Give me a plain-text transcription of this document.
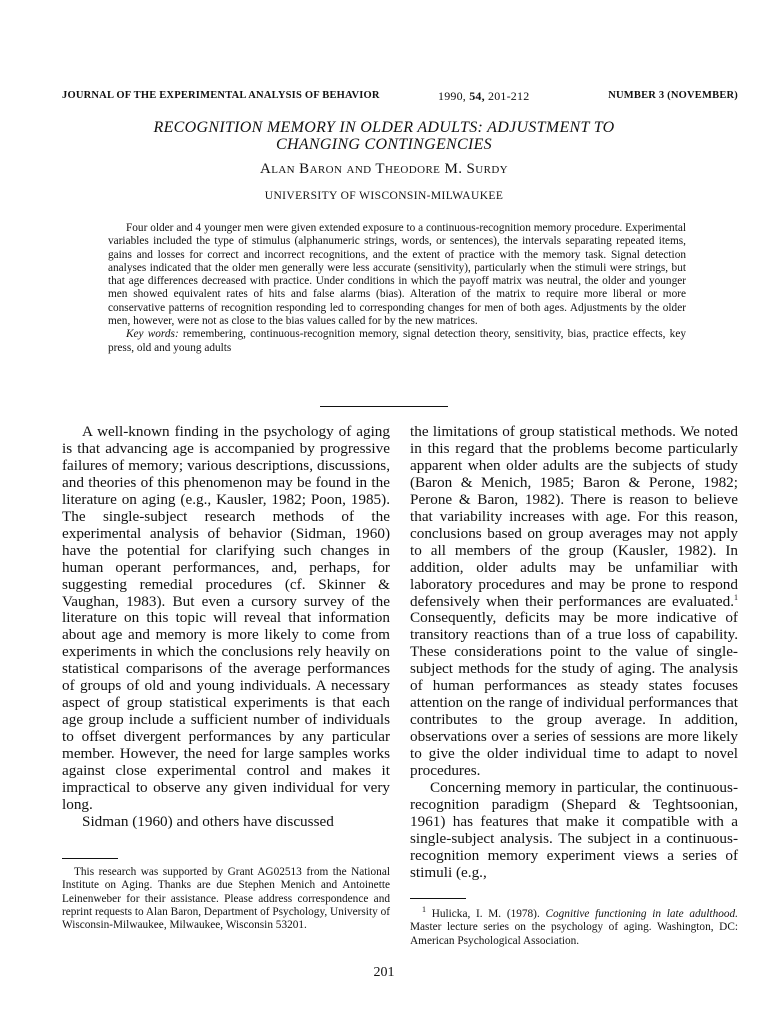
JOURNAL OF THE EXPERIMENTAL ANALYSIS OF BEHAVIOR	1990, 54, 201-212	NUMBER 3 (NOVEMBER)
RECOGNITION MEMORY IN OLDER ADULTS: ADJUSTMENT TO
CHANGING CONTINGENCIES
Alan Baron and Theodore M. Surdy
UNIVERSITY OF WISCONSIN-MILWAUKEE

Four older and 4 younger men were given extended exposure to a continuous-recognition memory procedure. Experimental variables included the type of stimulus (alphanumeric strings, words, or sentences), the intervals separating repeated items, gains and losses for correct and incorrect recognitions, and the extent of practice with the memory task. Signal detection analyses indicated that the older men generally were less accurate (sensitivity), particularly when the stimuli were strings, but that age differences decreased with practice. Under conditions in which the payoff matrix was neutral, the older and younger men showed equivalent rates of hits and false alarms (bias). Alteration of the matrix to require more liberal or more conservative patterns of recognition responding led to corresponding changes for men of both ages. Adjustments by the older men, however, were not as close to the bias values called for by the new matrices.

Key words: remembering, continuous-recognition memory, signal detection theory, sensitivity, bias, practice effects, key press, old and young adults

A well-known finding in the psychology of aging is that advancing age is accompanied by progressive failures of memory; various descriptions, discussions, and theories of this phenomenon may be found in the literature on aging (e.g., Kausler, 1982; Poon, 1985). The single-subject research methods of the experimental analysis of behavior (Sidman, 1960) have the potential for clarifying such changes in human operant performances, and, perhaps, for suggesting remedial procedures (cf. Skinner & Vaughan, 1983). But even a cursory survey of the literature on this topic will reveal that information about age and memory is more likely to come from experiments in which the conclusions rely heavily on statistical comparisons of the average performances of groups of old and young individuals. A necessary aspect of group statistical experiments is that each age group include a sufficient number of individuals to offset divergent performances by any particular member. However, the need for large samples works against close experimental control and makes it impractical to observe any given individual for very long.

Sidman (1960) and others have discussed

the limitations of group statistical methods. We noted in this regard that the problems become particularly apparent when older adults are the subjects of study (Baron & Menich, 1985; Baron & Perone, 1982; Perone & Baron, 1982). There is reason to believe that variability increases with age. For this reason, conclusions based on group averages may not apply to all members of the group (Kausler, 1982). In addition, older adults may be unfamiliar with laboratory procedures and may be prone to respond defensively when their performances are evaluated.$^1$ Consequently, deficits may be more indicative of transitory reactions than of a true loss of capability. These considerations point to the value of single-subject methods for the study of aging. The analysis of human performances as steady states focuses attention on the range of individual performances that contributes to the group average. In addition, observations over a series of sessions are more likely to give the older individual time to adapt to novel procedures.

Concerning memory in particular, the continuous-recognition paradigm (Shepard & Teghtsoonian, 1961) has features that make it compatible with a single-subject analysis. The subject in a continuous-recognition memory experiment views a series of stimuli (e.g.,

This research was supported by Grant AG02513 from the National Institute on Aging. Thanks are due Stephen Menich and Antoinette Leinenweber for their assistance. Please address correspondence and reprint requests to Alan Baron, Department of Psychology, University of Wisconsin-Milwaukee, Milwaukee, Wisconsin 53201.

$^1$ Hulicka, I. M. (1978). Cognitive functioning in late adulthood. Master lecture series on the psychology of aging. Washington, DC: American Psychological Association.

201
